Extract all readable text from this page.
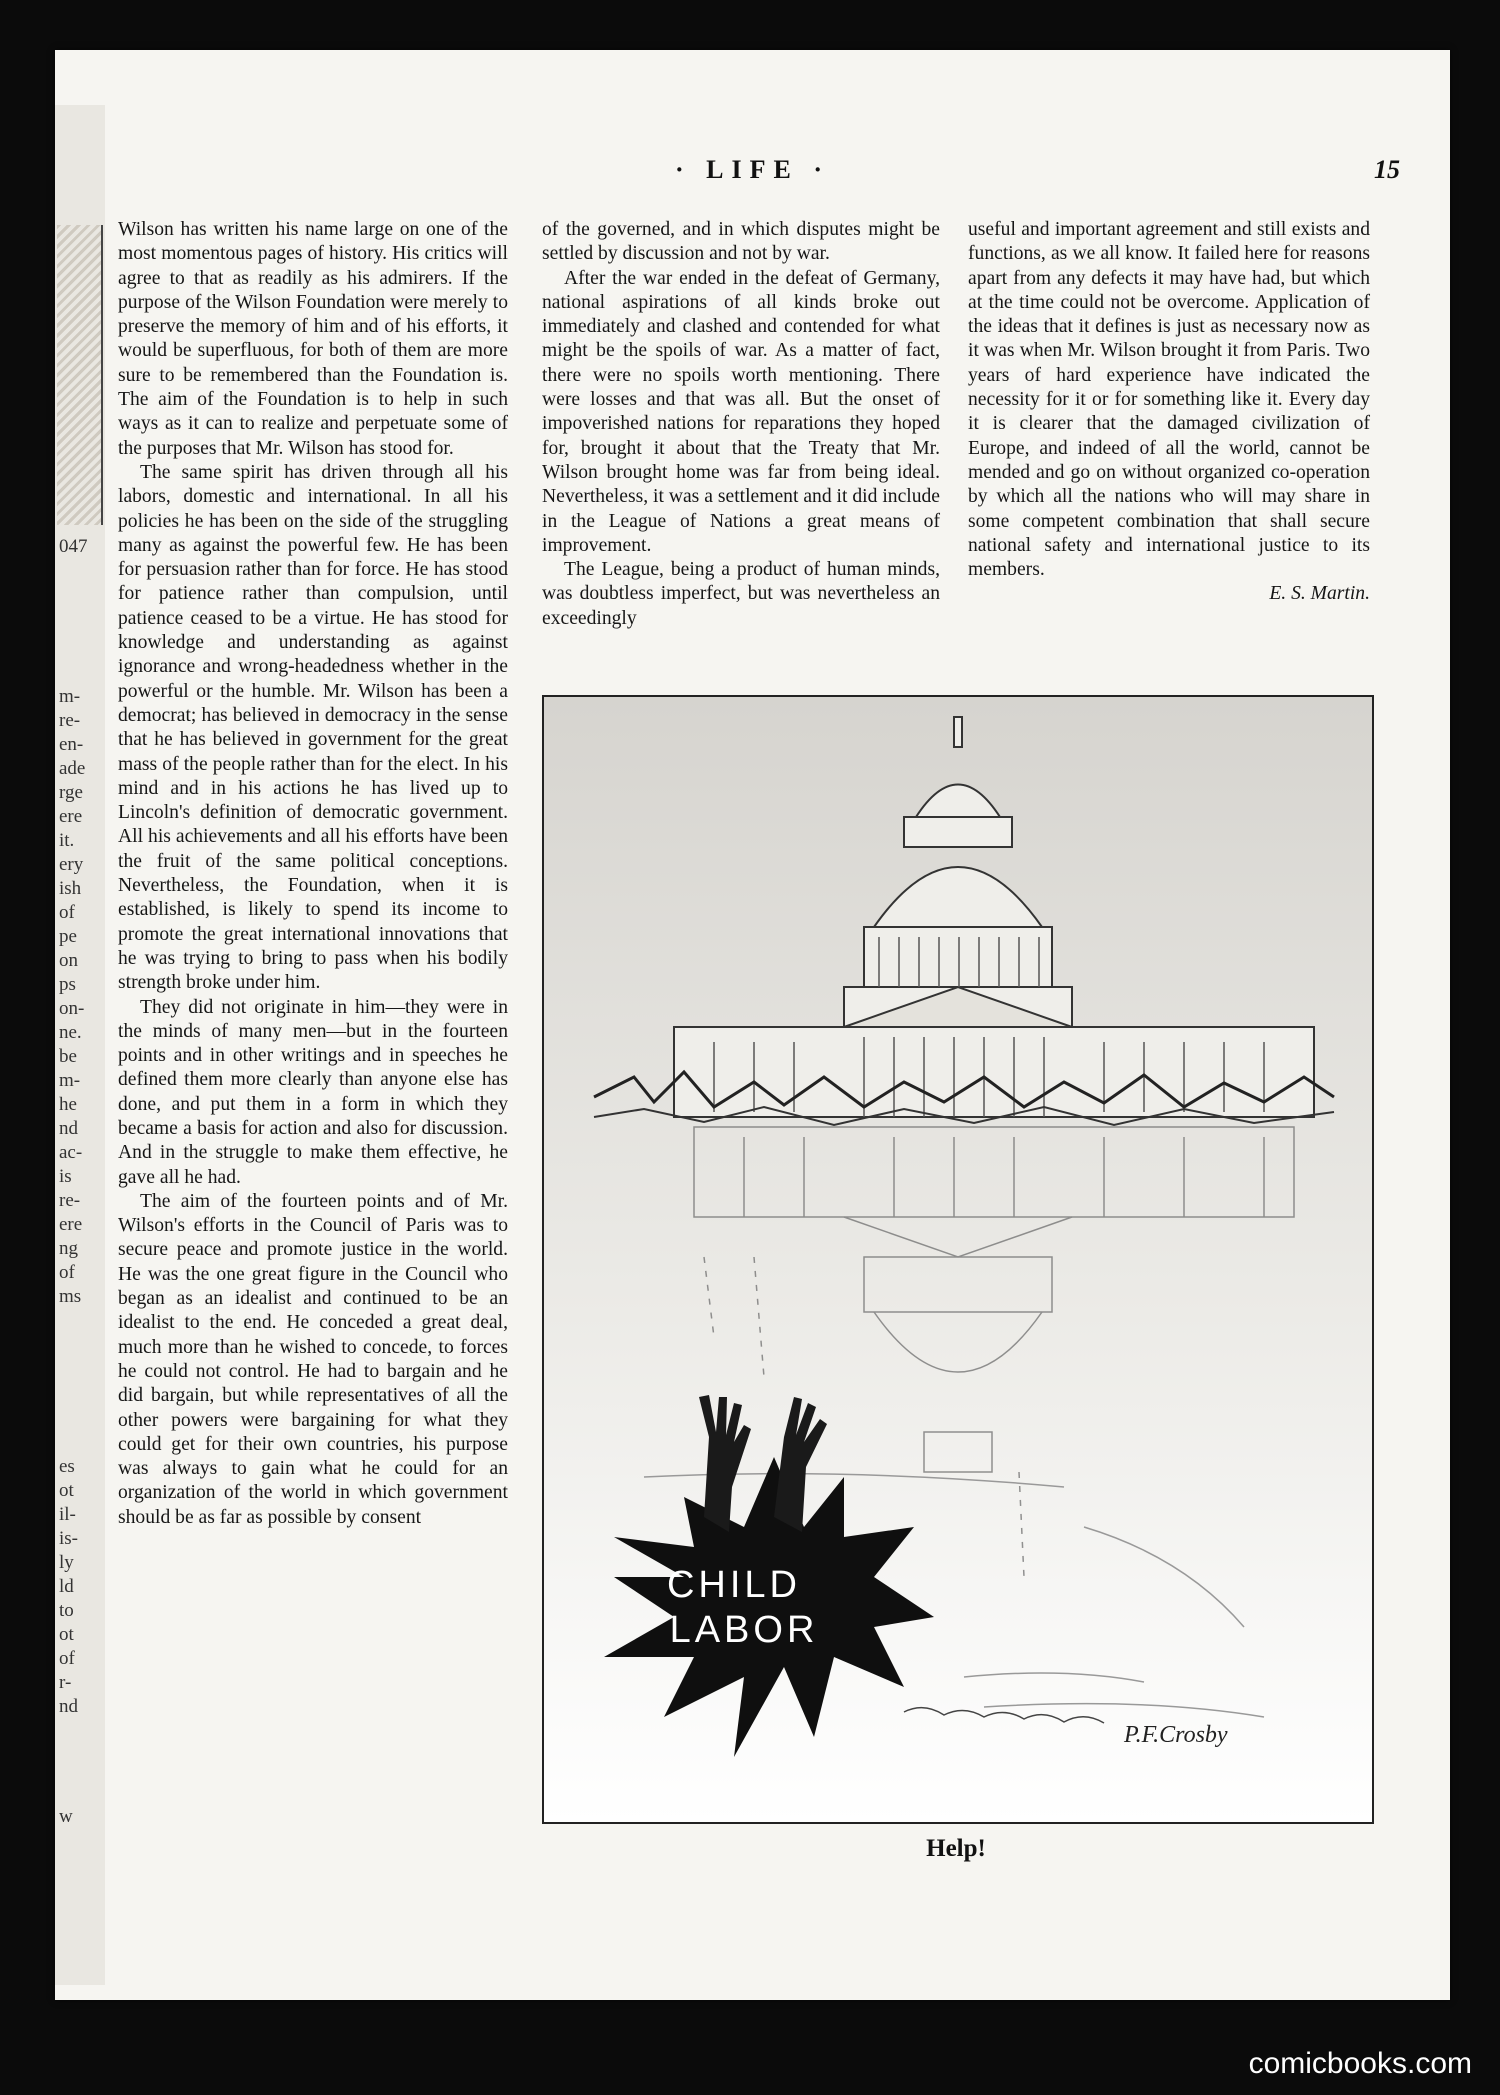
047
m-
re-
en-
ade
rge
ere
it.
ery
ish
of
pe
on
ps
on-
ne.
be
m-
he
nd
ac-
is
re-
ere
ng
of
ms
es
ot
il-
is-
ly
ld
to
ot
of
r-
nd
w
· LIFE ·	15

Wilson has written his name large on one of the most momentous pages of history. His critics will agree to that as readily as his admirers. If the purpose of the Wilson Foundation were merely to preserve the memory of him and of his efforts, it would be superfluous, for both of them are more sure to be remembered than the Foundation is. The aim of the Foundation is to help in such ways as it can to realize and perpetuate some of the purposes that Mr. Wilson has stood for.

The same spirit has driven through all his labors, domestic and international. In all his policies he has been on the side of the struggling many as against the powerful few. He has been for persuasion rather than for force. He has stood for patience rather than compulsion, until patience ceased to be a virtue. He has stood for knowledge and understanding as against ignorance and wrong-headedness whether in the powerful or the humble. Mr. Wilson has been a democrat; has believed in democracy in the sense that he has believed in government for the great mass of the people rather than for the elect. In his mind and in his actions he has lived up to Lincoln's definition of democratic government. All his achievements and all his efforts have been the fruit of the same political conceptions. Nevertheless, the Foundation, when it is established, is likely to spend its income to promote the great international innovations that he was trying to bring to pass when his bodily strength broke under him.

They did not originate in him—they were in the minds of many men—but in the fourteen points and in other writings and in speeches he defined them more clearly than anyone else has done, and put them in a form in which they became a basis for action and also for discussion. And in the struggle to make them effective, he gave all he had.

The aim of the fourteen points and of Mr. Wilson's efforts in the Council of Paris was to secure peace and promote justice in the world. He was the one great figure in the Council who began as an idealist and continued to be an idealist to the end. He conceded a great deal, much more than he wished to concede, to forces he could not control. He had to bargain and he did bargain, but while representatives of all the other powers were bargaining for what they could get for their own countries, his purpose was always to gain what he could for an organization of the world in which government should be as far as possible by consent

of the governed, and in which disputes might be settled by discussion and not by war.

After the war ended in the defeat of Germany, national aspirations of all kinds broke out immediately and clashed and contended for what might be the spoils of war. As a matter of fact, there were no spoils worth mentioning. There were losses and that was all. But the onset of impoverished nations for reparations they hoped for, brought it about that the Treaty that Mr. Wilson brought home was far from being ideal. Nevertheless, it was a settlement and it did include in the League of Nations a great means of improvement.

The League, being a product of human minds, was doubtless imperfect, but was nevertheless an exceedingly

useful and important agreement and still exists and functions, as we all know. It failed here for reasons apart from any defects it may have had, but which at the time could not be overcome. Application of the ideas that it defines is just as necessary now as it was when Mr. Wilson brought it from Paris. Two years of hard experience have indicated the necessity for it or for something like it. Every day it is clearer that the damaged civilization of Europe, and indeed of all the world, cannot be mended and go on without organized co-operation by which all the nations who will may share in some competent combination that shall secure national safety and international justice to its members.

E. S. Martin.

P.F.Crosby
CHILD
LABOR
Help!
comicbooks.com
